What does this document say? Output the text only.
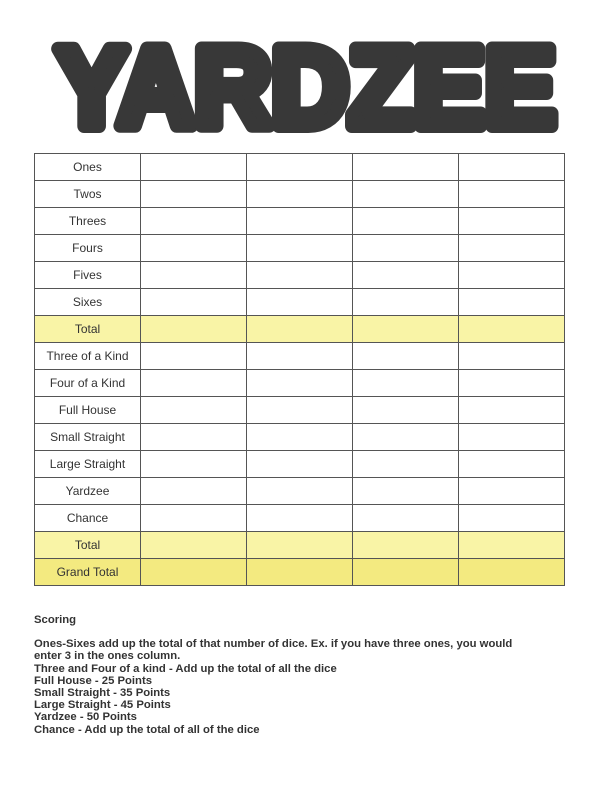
YARDZEE
Ones				
Twos				
Threes				
Fours				
Fives				
Sixes				
Total				
Three of a Kind				
Four of a Kind				
Full House				
Small Straight				
Large Straight				
Yardzee				
Chance				
Total				
Grand Total				
Scoring
Ones-Sixes add up the total of that number of dice. Ex. if you have three ones, you would
enter 3 in the ones column.
Three and Four of a kind - Add up the total of all the dice
Full House - 25 Points
Small Straight - 35 Points
Large Straight - 45 Points
Yardzee - 50 Points
Chance - Add up the total of all of the dice
